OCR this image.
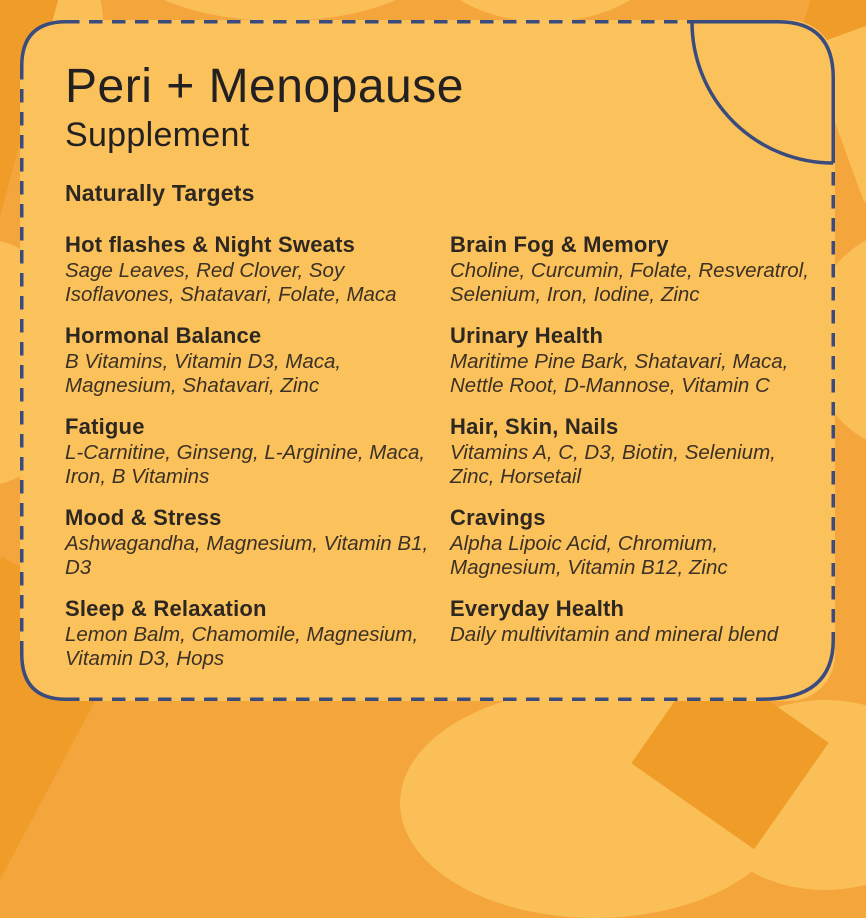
Peri + Menopause
Supplement
Naturally Targets
Hot flashes & Night Sweats

Sage Leaves, Red Clover, Soy Isoflavones, Shatavari, Folate, Maca

Hormonal Balance

B Vitamins, Vitamin D3, Maca, Magnesium, Shatavari, Zinc

Fatigue

L-Carnitine, Ginseng, L-Arginine, Maca, Iron, B Vitamins

Mood & Stress

Ashwagandha, Magnesium, Vitamin B1, D3

Sleep & Relaxation

Lemon Balm, Chamomile, Magnesium, Vitamin D3, Hops

Brain Fog & Memory

Choline, Curcumin, Folate, Resveratrol, Selenium, Iron, Iodine, Zinc

Urinary Health

Maritime Pine Bark, Shatavari, Maca, Nettle Root, D-Mannose, Vitamin C

Hair, Skin, Nails

Vitamins A, C, D3, Biotin, Selenium, Zinc, Horsetail

Cravings

Alpha Lipoic Acid, Chromium, Magnesium, Vitamin B12, Zinc

Everyday Health

Daily multivitamin and mineral blend
